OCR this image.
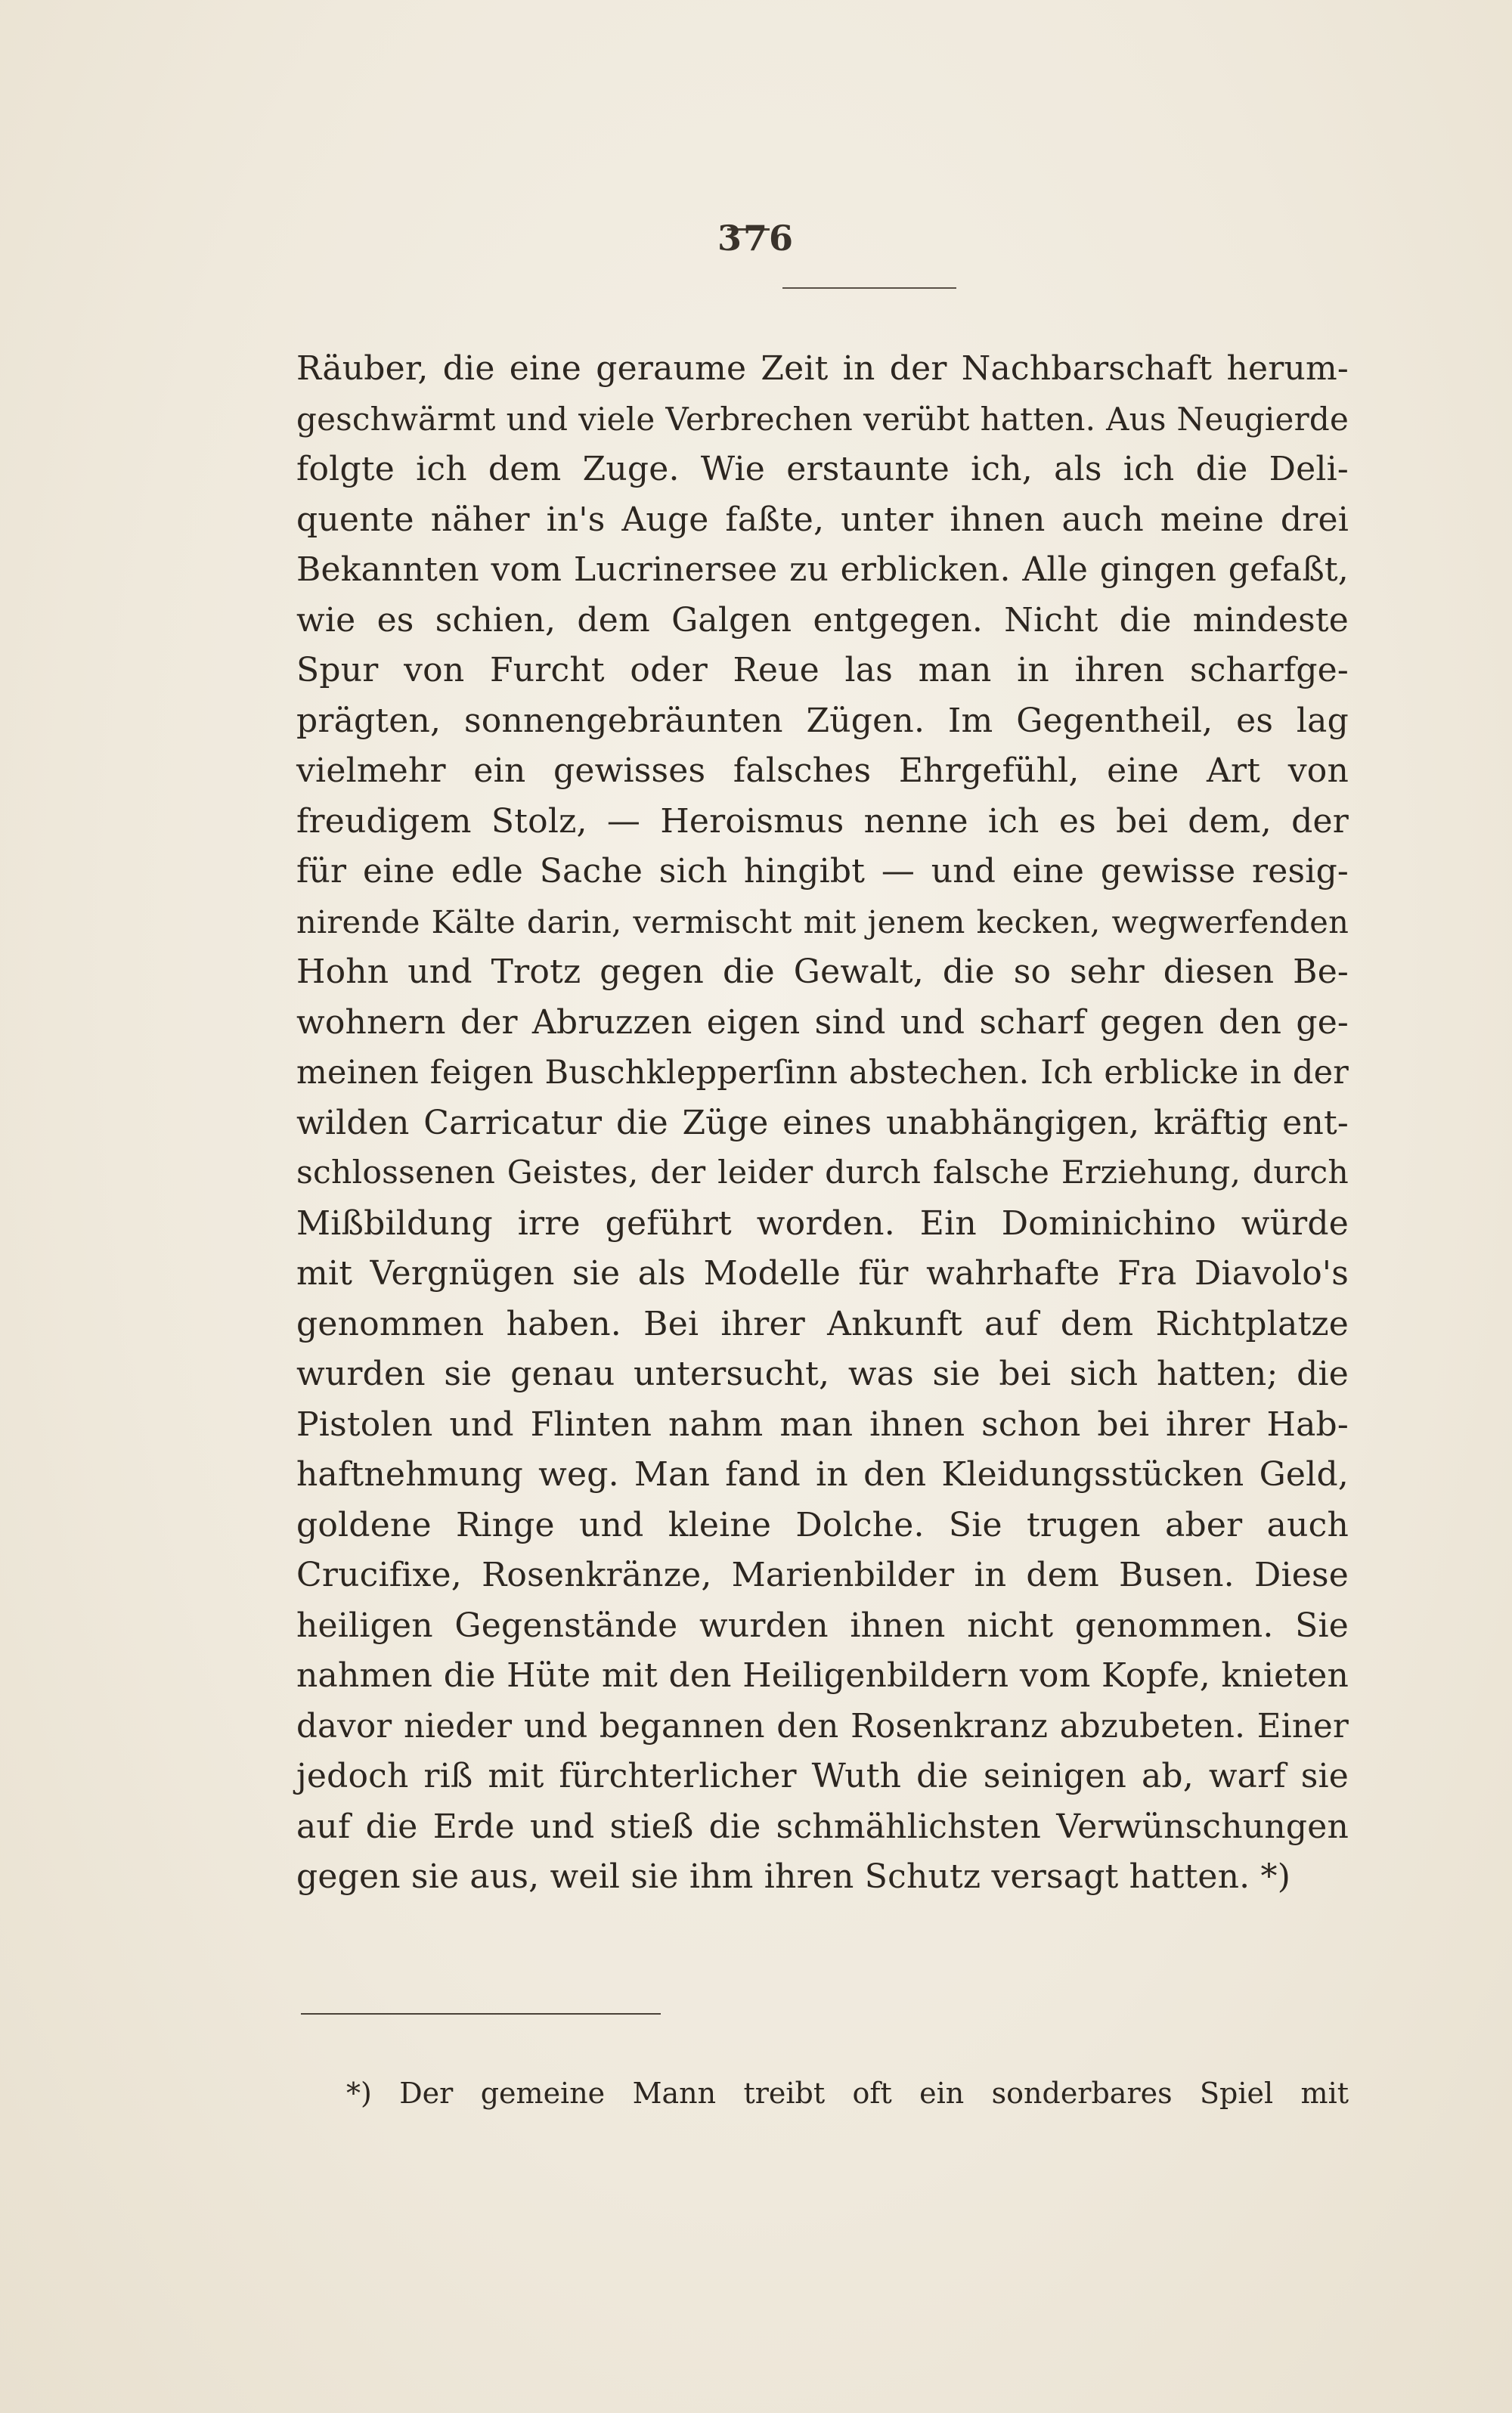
376
Räuber, die eine geraume Zeit in der Nachbarschaft herum-
geschwärmt und viele Verbrechen verübt hatten. Aus Neugierde
folgte ich dem Zuge. Wie erstaunte ich, als ich die Deli-
quente näher in's Auge faßte, unter ihnen auch meine drei
Bekannten vom Lucrinersee zu erblicken. Alle gingen gefaßt,
wie es schien, dem Galgen entgegen. Nicht die mindeste
Spur von Furcht oder Reue las man in ihren scharfge-
prägten, sonnengebräunten Zügen. Im Gegentheil, es lag
vielmehr ein gewisses falsches Ehrgefühl, eine Art von
freudigem Stolz, — Heroismus nenne ich es bei dem, der
für eine edle Sache sich hingibt — und eine gewisse resig-
nirende Kälte darin, vermischt mit jenem kecken, wegwerfenden
Hohn und Trotz gegen die Gewalt, die so sehr diesen Be-
wohnern der Abruzzen eigen sind und scharf gegen den ge-
meinen feigen Buschklepperſinn abstechen. Ich erblicke in der
wilden Carricatur die Züge eines unabhängigen, kräftig ent-
schlossenen Geistes, der leider durch falsche Erziehung, durch
Mißbildung irre geführt worden. Ein Dominichino würde
mit Vergnügen sie als Modelle für wahrhafte Fra Diavolo's
genommen haben. Bei ihrer Ankunft auf dem Richtplatze
wurden sie genau untersucht, was sie bei sich hatten; die
Pistolen und Flinten nahm man ihnen schon bei ihrer Hab-
haftnehmung weg. Man fand in den Kleidungsstücken Geld,
goldene Ringe und kleine Dolche. Sie trugen aber auch
Crucifixe, Rosenkränze, Marienbilder in dem Busen. Diese
heiligen Gegenstände wurden ihnen nicht genommen. Sie
nahmen die Hüte mit den Heiligenbildern vom Kopfe, knieten
davor nieder und begannen den Rosenkranz abzubeten. Einer
jedoch riß mit fürchterlicher Wuth die seinigen ab, warf sie
auf die Erde und stieß die schmählichsten Verwünschungen
gegen sie aus, weil sie ihm ihren Schutz versagt hatten. *)
*) Der gemeine Mann treibt oft ein sonderbares Spiel mit
